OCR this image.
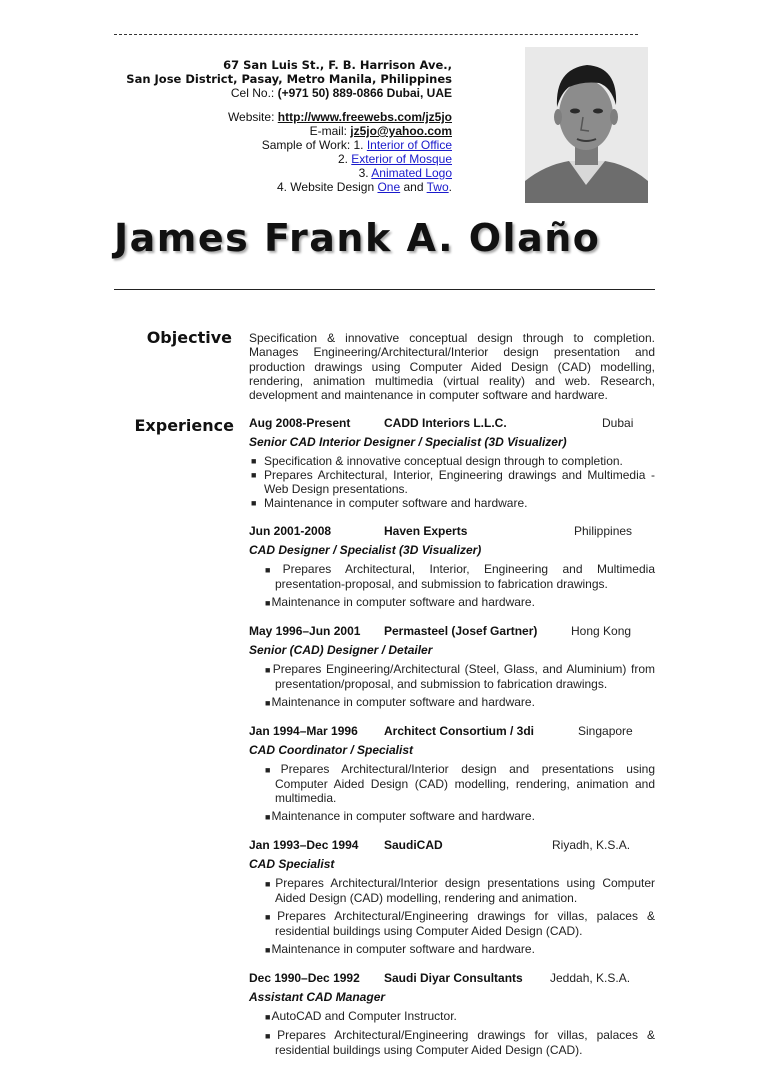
67 San Luis St., F. B. Harrison Ave.,
San Jose District, Pasay, Metro Manila, Philippines
Cel No.: (+971 50) 889-0866 Dubai, UAE
Website: http://www.freewebs.com/jz5jo
E-mail: jz5jo@yahoo.com
Sample of Work: 1. Interior of Office
2. Exterior of Mosque
3. Animated Logo
4. Website Design One and Two.
James Frank A. Olaño
Objective Specification & innovative conceptual design through to completion. Manages Engineering/Architectural/Interior design presentation and production drawings using Computer Aided Design (CAD) modelling, rendering, animation multimedia (virtual reality) and web. Research, development and maintenance in computer software and hardware.
Experience Aug 2008-Present	CADD Interiors L.L.C.	Dubai
Senior CAD Interior Designer / Specialist (3D Visualizer)
■ Specification & innovative conceptual design through to completion.
■ Prepares Architectural, Interior, Engineering drawings and Multimedia - Web Design presentations.
■ Maintenance in computer software and hardware.
Jun 2001-2008	Haven Experts	Philippines
CAD Designer / Specialist (3D Visualizer)
■Prepares Architectural, Interior, Engineering and Multimedia presentation-proposal, and submission to fabrication drawings.
■Maintenance in computer software and hardware.
May 1996–Jun 2001 Permasteel (Josef Gartner)	Hong Kong
Senior (CAD) Designer / Detailer
■Prepares Engineering/Architectural (Steel, Glass, and Aluminium) from presentation/proposal, and submission to fabrication drawings.
■Maintenance in computer software and hardware.
Jan 1994–Mar 1996 Architect Consortium / 3di	Singapore
CAD Coordinator / Specialist
■Prepares Architectural/Interior design and presentations using Computer Aided Design (CAD) modelling, rendering, animation and multimedia.
■Maintenance in computer software and hardware.
Jan 1993–Dec 1994 SaudiCAD	Riyadh, K.S.A.
CAD Specialist
■Prepares Architectural/Interior design presentations using Computer Aided Design (CAD) modelling, rendering and animation.
■Prepares Architectural/Engineering drawings for villas, palaces & residential buildings using Computer Aided Design (CAD).
■Maintenance in computer software and hardware.
Dec 1990–Dec 1992 Saudi Diyar Consultants Jeddah, K.S.A.
Assistant CAD Manager
■AutoCAD and Computer Instructor.
■Prepares Architectural/Engineering drawings for villas, palaces & residential buildings using Computer Aided Design (CAD).
